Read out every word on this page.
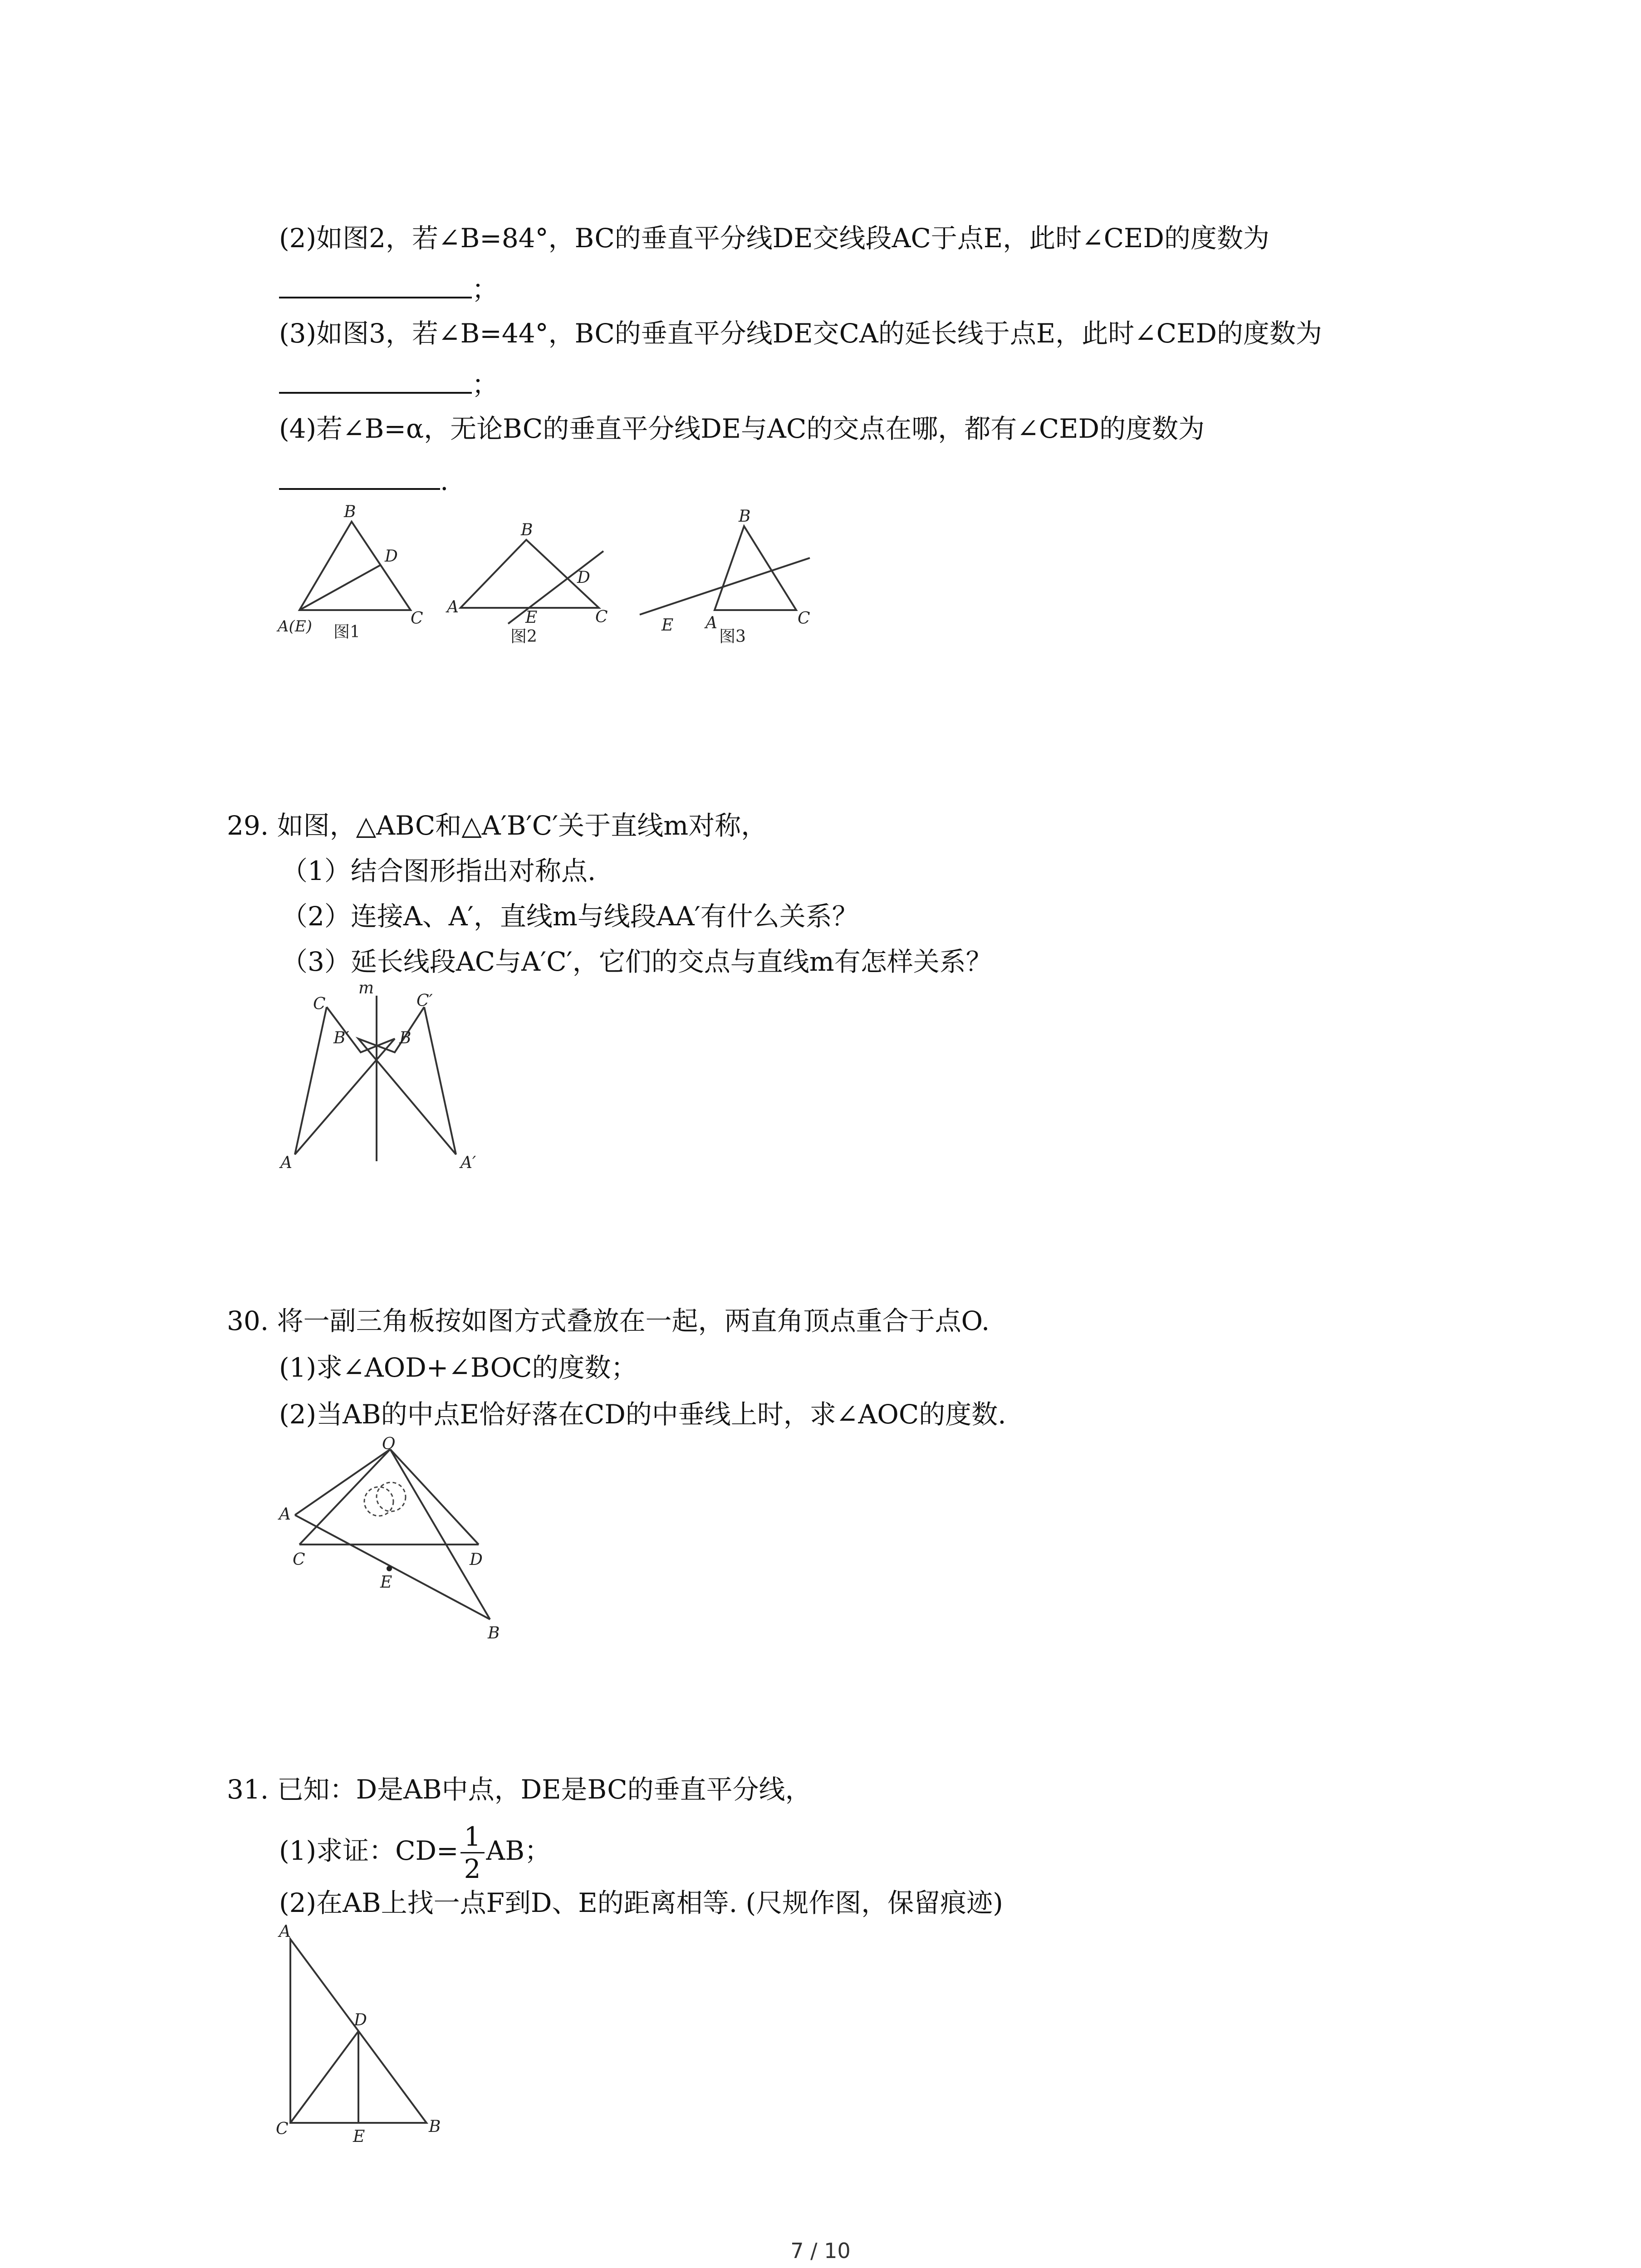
(2)如图2，若∠B=84°，BC的垂直平分线DE交线段AC于点E，此时∠CED的度数为
；
(3)如图3，若∠B=44°，BC的垂直平分线DE交CA的延长线于点E，此时∠CED的度数为
；
(4)若∠B=α，无论BC的垂直平分线DE与AC的交点在哪，都有∠CED的度数为
.
B
D
A(E)	C
图1
B
D
A
E	C
图2
B
A
E	C
图3
29. 如图，△ABC和△A′B′C′关于直线m对称，
（1）结合图形指出对称点.
（2）连接A、A′，直线m与线段AA′有什么关系？
（3）延长线段AC与A′C′，它们的交点与直线m有怎样关系？
m
C	C′
B′	B
A	A′
30. 将一副三角板按如图方式叠放在一起，两直角顶点重合于点O.
(1)求∠AOD+∠BOC的度数；
(2)当AB的中点E恰好落在CD的中垂线上时，求∠AOC的度数.
O
A
C	D
E
B
31. 已知：D是AB中点，DE是BC的垂直平分线，
(1)求证：$CD= \frac{1}{2}$ AB；
(2)在AB上找一点F到D、E的距离相等. (尺规作图，保留痕迹)
A
D
C	E
B
7 / 10
